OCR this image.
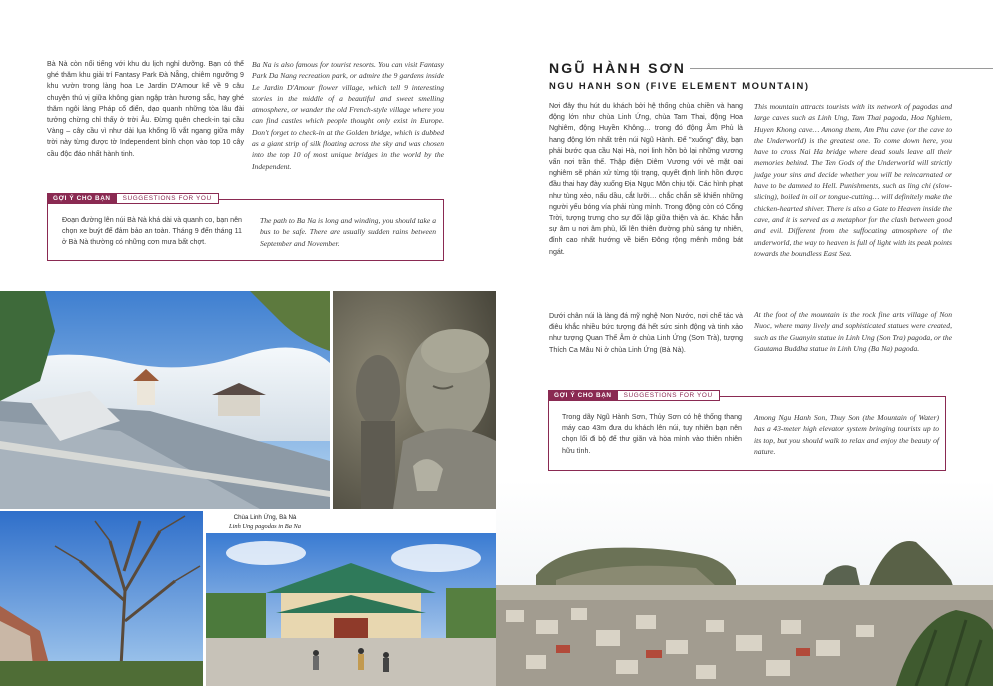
Bà Nà còn nổi tiếng với khu du lịch nghỉ dưỡng. Bạn có thể ghé thăm khu giải trí Fantasy Park Đà Nẵng, chiêm ngưỡng 9 khu vườn trong làng hoa Le Jardin D'Amour kể về 9 câu chuyện thú vị giữa không gian ngập tràn hương sắc, hay ghé thăm ngôi làng Pháp cổ điển, dạo quanh những tòa lâu đài tưởng chừng chỉ thấy ở trời Âu. Đừng quên check-in tại cầu Vàng – cây cầu vì như dải lụa khổng lồ vắt ngang giữa mây trời này từng được tờ Independent bình chọn vào top 10 cây cầu độc đáo nhất hành tinh.
Ba Na is also famous for tourist resorts. You can visit Fantasy Park Da Nang recreation park, or admire the 9 gardens inside Le Jardin D'Amour flower village, which tell 9 interesting stories in the middle of a beautiful and sweet smelling atmosphere, or wander the old French-style village where you can find castles which people thought only exist in Europe. Don't forget to check-in at the Golden bridge, which is dubbed as a giant strip of silk floating across the sky and was chosen into the top 10 of most unique bridges in the world by the Independent.
Đoạn đường lên núi Bà Nà khá dài và quanh co, bạn nên chọn xe buýt để đảm bảo an toàn. Tháng 9 đến tháng 11 ở Bà Nà thường có những cơn mưa bất chợt.
The path to Ba Na is long and winding, you should take a bus to be safe. There are usually sudden rains between September and November.
GỢI Ý CHO BẠN	SUGGESTIONS FOR YOU
Chùa Linh Ứng, Bà Nà
Linh Ung pagodas in Ba Na
NGŨ HÀNH SƠN
NGU HANH SON (FIVE ELEMENT MOUNTAIN)
Nơi đây thu hút du khách bởi hệ thống chùa chiền và hang động lớn như chùa Linh Ứng, chùa Tam Thai, động Hoa Nghiêm, động Huyền Không… trong đó động Âm Phủ là hang động lớn nhất trên núi Ngũ Hành. Để "xuống" đây, bạn phải bước qua cầu Nại Hà, nơi linh hồn bỏ lại những vương vấn nơi trần thế. Thập điện Diêm Vương với vẻ mặt oai nghiêm sẽ phán xử từng tội trạng, quyết định linh hồn được đầu thai hay đày xuống Địa Ngục Môn chịu tội. Các hình phạt như tùng xẻo, nấu dầu, cắt lưỡi… chắc chắn sẽ khiến những người yếu bóng vía phải rùng mình. Trong động còn có Cổng Trời, tượng trưng cho sự đối lập giữa thiện và ác. Khác hẳn sự âm u nơi âm phủ, lối lên thiên đường phủ sáng tự nhiên, đỉnh cao nhất hướng về biển Đông rộng mênh mông bát ngát.
Dưới chân núi là làng đá mỹ nghệ Non Nước, nơi chế tác và điêu khắc nhiều bức tượng đá hết sức sinh động và tinh xảo như tượng Quan Thế Âm ở chùa Linh Ứng (Sơn Trà), tượng Thích Ca Mâu Ni ở chùa Linh Ứng (Bà Nà).
This mountain attracts tourists with its network of pagodas and large caves such as Linh Ung, Tam Thai pagoda, Hoa Nghiem, Huyen Khong cave… Among them, Am Phu cave (or the cave to the Underworld) is the greatest one. To come down here, you have to cross Nai Ha bridge where dead souls leave all their memories behind. The Ten Gods of the Underworld will strictly judge your sins and decide whether you will be reincarnated or have to be damned to Hell. Punishments, such as ling chi (slow-slicing), boiled in oil or tongue-cutting… will definitely make the chicken-hearted shiver. There is also a Gate to Heaven inside the cave, and it is served as a metaphor for the clash between good and evil. Different from the suffocating atmosphere of the underworld, the way to heaven is full of light with its peak points towards the boundless East Sea.
At the foot of the mountain is the rock fine arts village of Non Nuoc, where many lively and sophisticated statues were created, such as the Guanyin statue in Linh Ung (Son Tra) pagoda, or the Gautama Buddha statue in Linh Ung (Ba Na) pagoda.
Trong dãy Ngũ Hành Sơn, Thủy Sơn có hệ thống thang máy cao 43m đưa du khách lên núi, tuy nhiên bạn nên chọn lối đi bộ để thư giãn và hòa mình vào thiên nhiên hữu tình.
Among Ngu Hanh Son, Thuy Son (the Mountain of Water) has a 43-meter high elevator system bringing tourists up to its top, but you should walk to relax and enjoy the beauty of nature.
GỢI Ý CHO BẠN	SUGGESTIONS FOR YOU
